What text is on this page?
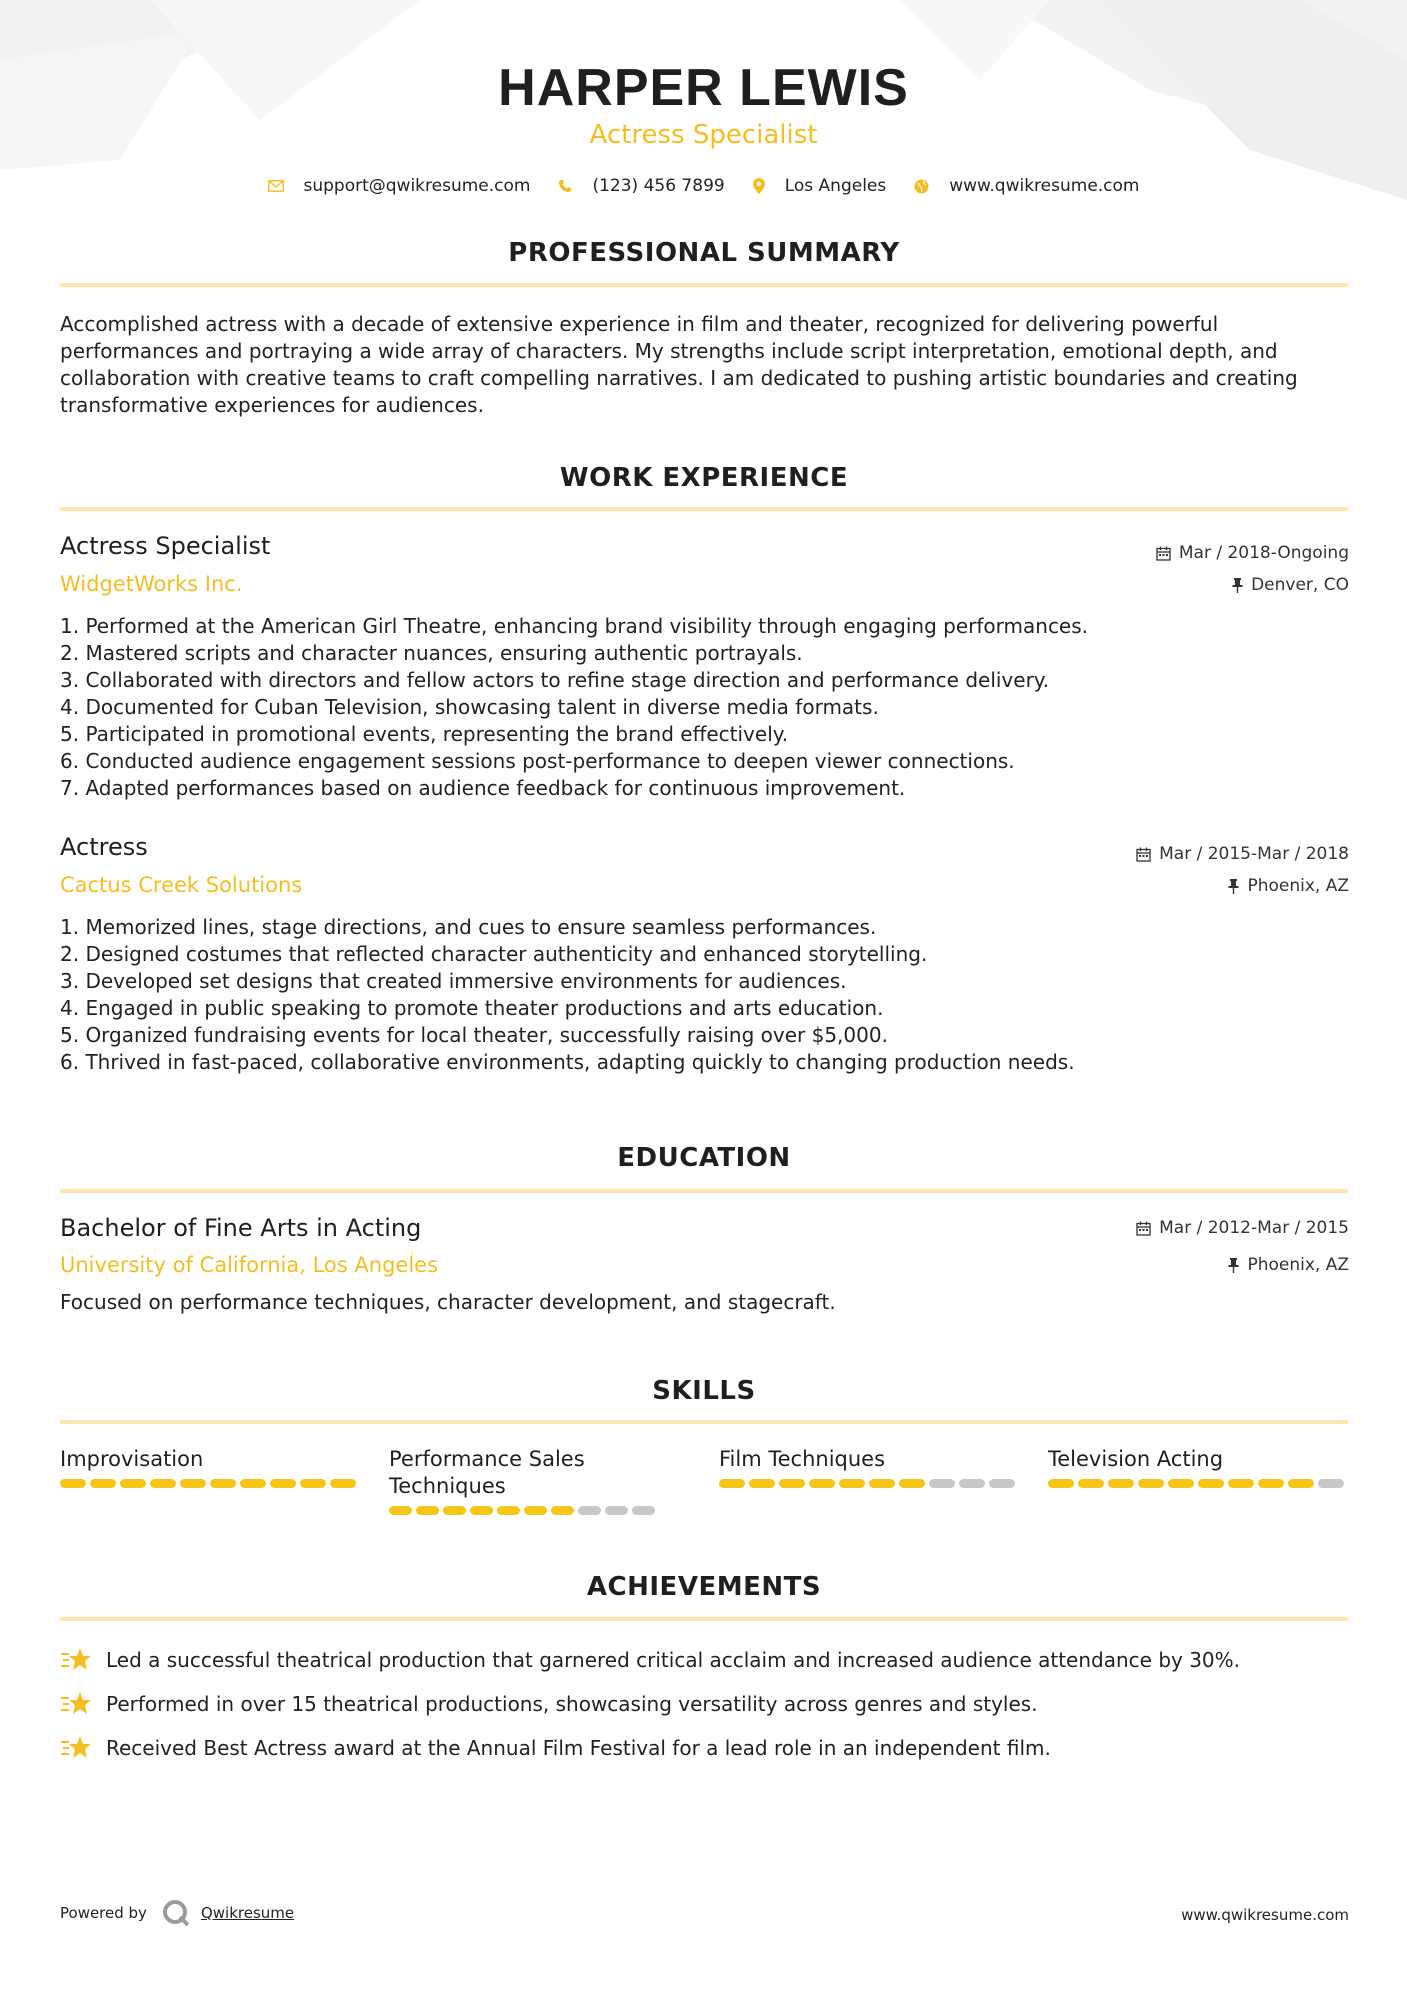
HARPER LEWIS
Actress Specialist
support@qwikresume.com	(123) 456 7899	Los Angeles	www.qwikresume.com
PROFESSIONAL SUMMARY
Accomplished actress with a decade of extensive experience in film and theater, recognized for delivering powerful performances and portraying a wide array of characters. My strengths include script interpretation, emotional depth, and collaboration with creative teams to craft compelling narratives. I am dedicated to pushing artistic boundaries and creating transformative experiences for audiences.
WORK EXPERIENCE
Actress Specialist
WidgetWorks Inc.
Mar / 2018-Ongoing
Denver, CO
1. Performed at the American Girl Theatre, enhancing brand visibility through engaging performances.
2. Mastered scripts and character nuances, ensuring authentic portrayals.
3. Collaborated with directors and fellow actors to refine stage direction and performance delivery.
4. Documented for Cuban Television, showcasing talent in diverse media formats.
5. Participated in promotional events, representing the brand effectively.
6. Conducted audience engagement sessions post-performance to deepen viewer connections.
7. Adapted performances based on audience feedback for continuous improvement.
Actress
Cactus Creek Solutions
Mar / 2015-Mar / 2018
Phoenix, AZ
1. Memorized lines, stage directions, and cues to ensure seamless performances.
2. Designed costumes that reflected character authenticity and enhanced storytelling.
3. Developed set designs that created immersive environments for audiences.
4. Engaged in public speaking to promote theater productions and arts education.
5. Organized fundraising events for local theater, successfully raising over $5,000.
6. Thrived in fast-paced, collaborative environments, adapting quickly to changing production needs.
EDUCATION
Bachelor of Fine Arts in Acting
University of California, Los Angeles
Mar / 2012-Mar / 2015
Phoenix, AZ
Focused on performance techniques, character development, and stagecraft.
SKILLS
Improvisation	Performance Sales Techniques
Film Techniques	Television Acting
ACHIEVEMENTS
Led a successful theatrical production that garnered critical acclaim and increased audience attendance by 30%.
Performed in over 15 theatrical productions, showcasing versatility across genres and styles.
Received Best Actress award at the Annual Film Festival for a lead role in an independent film.
Powered by	Qwikresume	www.qwikresume.com
